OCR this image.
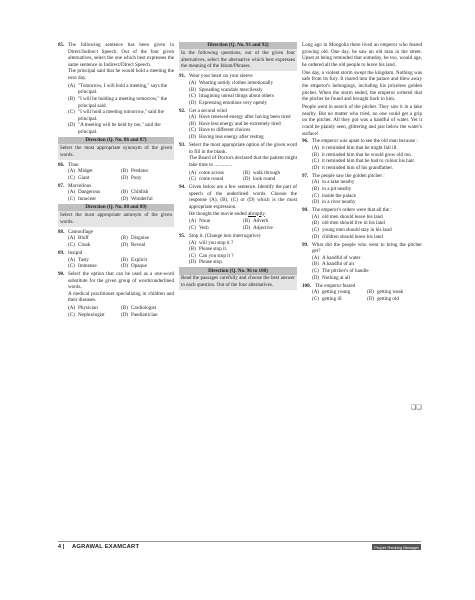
85. The following sentence has been given in Direct/Indirect Speech. Out of the four given alternatives, select the one which best expresses the same sentence in Indirect/Direct Speech.
The principal said that he would hold a meeting the next day.
(A) "Tomorrow, I will hold a meeting," says the principal.
(B) "I will be holding a meeting tomorrow," the principal said.
(C) "I will hold a meeting tomorrow," said the principal.
(D) "A meeting will be held by me," said the principal.
Direction (Q. No. 86 and 87)
Select the most appropriate synonym of the given words.
86. Titan
(A) Midget	(B) Predator
(C) Giant	(D) Puny
87. Marvellous
(A) Dangerous	(B) Childish
(C) Innocent	(D) Wonderful
Direction (Q. No. 88 and 89)
Select the most appropriate antonym of the given words.
88. Camouflage
(A) Bluff	(B) Disguise
(C) Cloak	(D) Reveal
89. Insipid
(A) Tasty	(B) Explicit
(C) Immense	(D) Opaque
90. Select the option that can be used as a one-word substitute for the given group of words/underlined words.
A medical practitioner specializing in children and their diseases.
(A) Physician	(B) Cardiologist
(C) Nephrologist	(D) Paediatrician
Direction (Q. No. 91 and 92)
In the following questions, out of the given four alternatives, select the alternative which best expresses the meaning of the Idiom/Phrases.
91. Wear your heart on your sleeve
(A) Wearing untidy clothes intentionally
(B) Spreading scandals mercilessly
(C) Imagining unreal things about others
(D) Expressing emotions very openly
92. Get a second wind
(A) Have renewed energy after having been tired
(B) Have less energy and be extremely tired
(C) Have to different choices
(D) Having less energy after resting
93. Select the most appropriate option of the given word to fill in the blank.
The Board of Doctors declared that the patient might take time to ..............
(A) come across	(B) walk through
(C) come round	(D) look round
94. Given below are a few sentence. Identify the part of speech of the underlined words. Choose the response (A), (B), (C) or (D) which is the most appropriate expression.
He thought the movie ended abruptly.
(A) Noun	(B) Adverb
(C) Verb	(D) Adjective
95. Stop it. (Change into interrogative)
(A) will you stop it ?
(B) Please stop it.
(C) Can you stop it ?
(D) Please stop.
Direction (Q. No. 96 to 100)
Read the passages carefully and choose the best answer to each question. Out of the four alternatives.
Long ago in Mongolia there lived an emperor who feared growing old. One day, he saw an old man in the street. Upset at being reminded that someday, he too, would age, he ordered all the old people to leave his land.
One day, a violent storm swept the kingdom. Nothing was safe from its fury. It roared into the palace and blew away the emperor's belongings, including his priceless golden pitcher. When the storm ended, the emperor ordered that the pitcher be found and brought back to him.
People went in search of the pitcher. They saw it in a lake nearby. But no matter who tried, no one could get a grip on the pitcher. All they got was a handful of water. Yet it could be plainly seen, glittering and just below the water's surface!
96. The emperor was upset to see the old man because :
(A) it reminded him that he might fall ill.
(B) it reminded him that he would grow old too.
(C) it reminded him that he had to colour his hair.
(D) it reminded him of his grandfather.
97. The people saw the golden pitcher :
(A) in a lake nearby
(B) in a pit nearby
(C) inside the palace
(D) in a river nearby
98. The emperor's orders were that all the :
(A) old men should leave his land
(B) old men should live in his land
(C) young men should stay in his land
(D) children should leave his land
99. What did the people who went to bring the pitcher get?
(A) A handful of water
(B) A handful of air
(C) The pitcher's of handle
(D) Nothing at all
100. The emperor feared
(A) getting young	(B) getting weak
(C) getting ill	(D) getting old
❑❑
4 | AGRAWAL EXAMCART	Proper Ranking Manager
